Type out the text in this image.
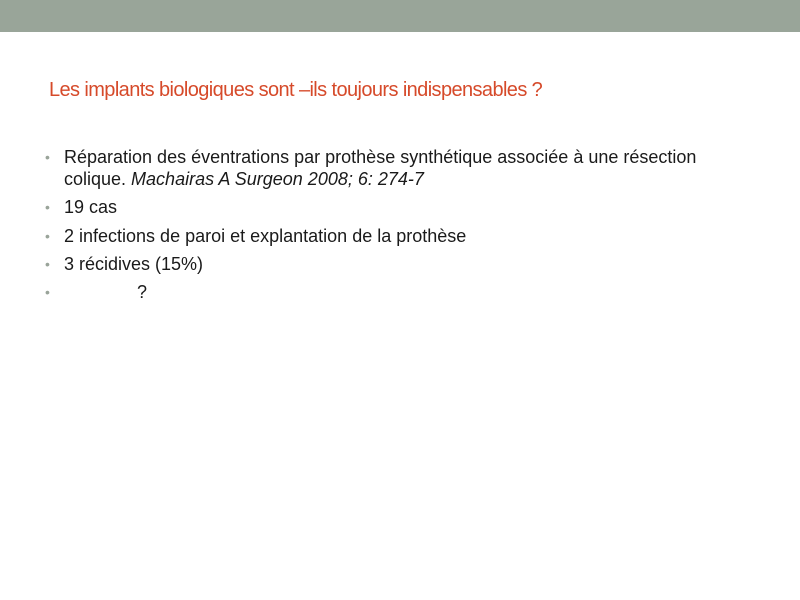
Les implants biologiques sont –ils toujours indispensables ?
• Réparation des éventrations par prothèse synthétique associée à une résection colique. Machairas A Surgeon 2008; 6: 274-7
• 19 cas
• 2 infections de paroi et explantation de la prothèse
• 3 récidives (15%)
•	?
